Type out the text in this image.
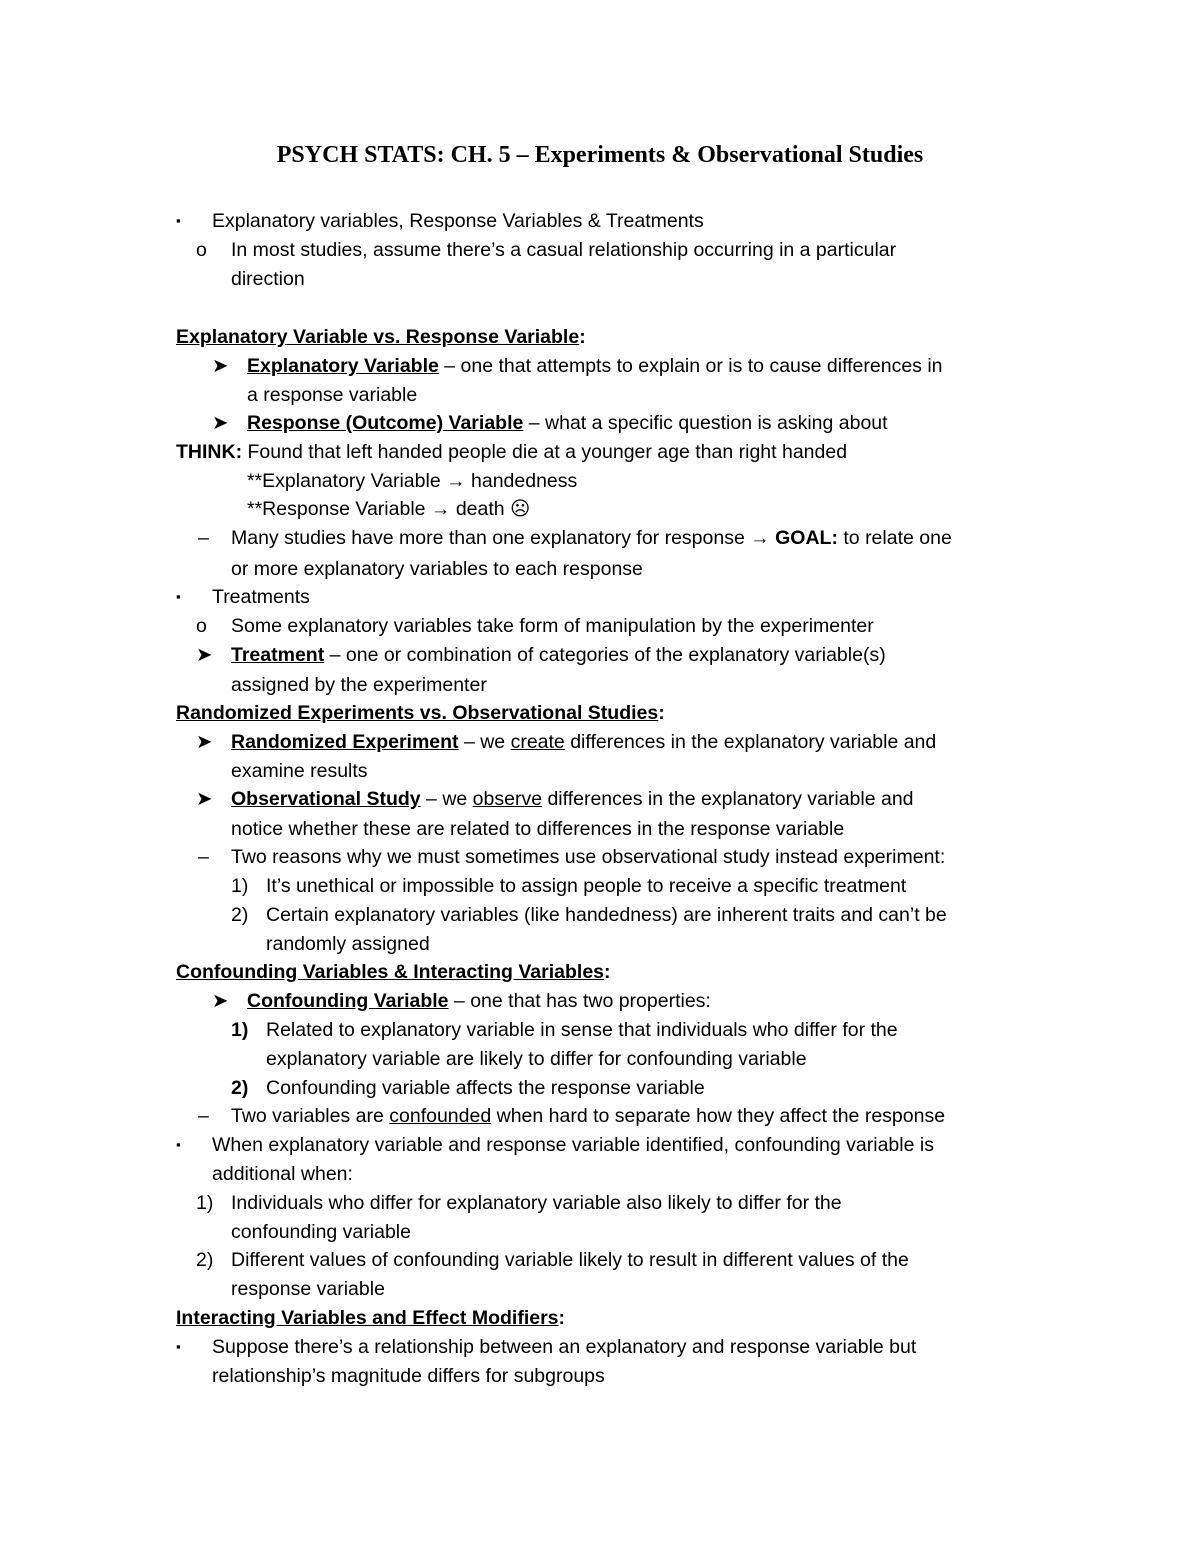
PSYCH STATS: CH. 5 – Experiments & Observational Studies
▪ Explanatory variables, Response Variables & Treatments
o In most studies, assume there’s a casual relationship occurring in a particular
direction
Explanatory Variable vs. Response Variable:
➤ Explanatory Variable – one that attempts to explain or is to cause differences in
a response variable
➤ Response (Outcome) Variable – what a specific question is asking about
THINK: Found that left handed people die at a younger age than right handed
**Explanatory Variable → handedness
**Response Variable → death ☹
– Many studies have more than one explanatory for response → GOAL: to relate one
or more explanatory variables to each response
▪ Treatments
o Some explanatory variables take form of manipulation by the experimenter
➤ Treatment – one or combination of categories of the explanatory variable(s)
assigned by the experimenter
Randomized Experiments vs. Observational Studies:
➤ Randomized Experiment – we create differences in the explanatory variable and
examine results
➤ Observational Study – we observe differences in the explanatory variable and
notice whether these are related to differences in the response variable
– Two reasons why we must sometimes use observational study instead experiment:
1) It’s unethical or impossible to assign people to receive a specific treatment
2) Certain explanatory variables (like handedness) are inherent traits and can’t be
randomly assigned
Confounding Variables & Interacting Variables:
➤ Confounding Variable – one that has two properties:
1) Related to explanatory variable in sense that individuals who differ for the
explanatory variable are likely to differ for confounding variable
2) Confounding variable affects the response variable
– Two variables are confounded when hard to separate how they affect the response
▪ When explanatory variable and response variable identified, confounding variable is
additional when:
1) Individuals who differ for explanatory variable also likely to differ for the
confounding variable
2) Different values of confounding variable likely to result in different values of the
response variable
Interacting Variables and Effect Modifiers:
▪ Suppose there’s a relationship between an explanatory and response variable but
relationship’s magnitude differs for subgroups
